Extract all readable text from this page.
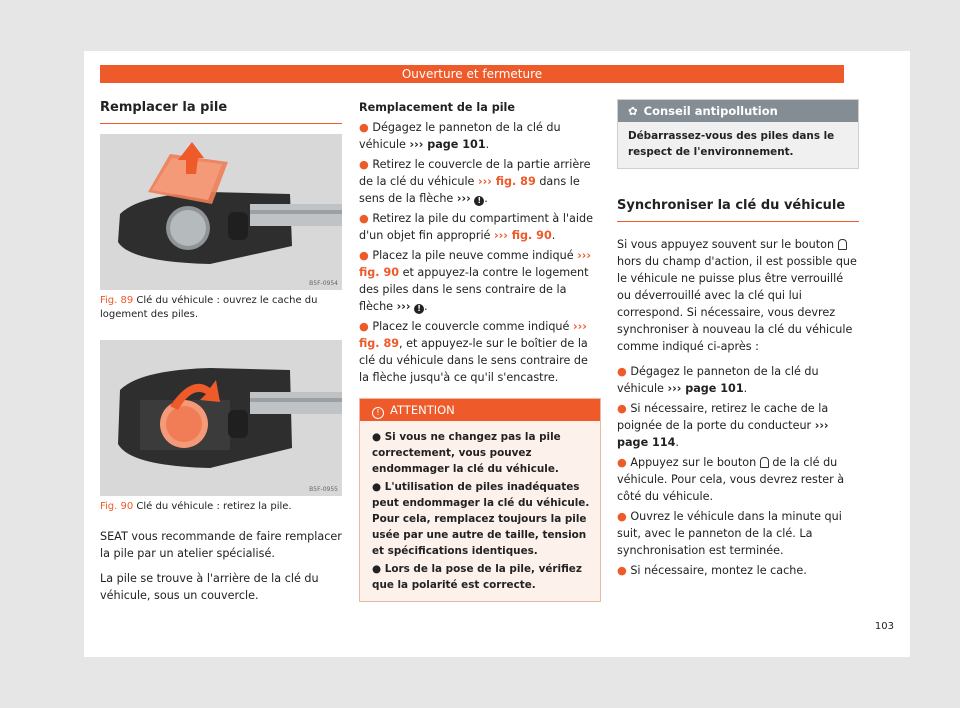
Ouverture et fermeture
Remplacer la pile
B5F-0954
Fig. 89 Clé du véhicule : ouvrez le cache du logement des piles.
B5F-0955
Fig. 90 Clé du véhicule : retirez la pile.

SEAT vous recommande de faire remplacer la pile par un atelier spécialisé.

La pile se trouve à l'arrière de la clé du véhicule, sous un couvercle.

Remplacement de la pile
● Dégagez le panneton de la clé du véhicule ››› page 101.
● Retirez le couvercle de la partie arrière de la clé du véhicule ››› fig. 89 dans le sens de la flèche ››› ! .
● Retirez la pile du compartiment à l'aide d'un objet fin approprié ››› fig. 90.
● Placez la pile neuve comme indiqué ››› fig. 90 et appuyez-la contre le logement des piles dans le sens contraire de la flèche ››› ! .
● Placez le couvercle comme indiqué ››› fig. 89, et appuyez-le sur le boîtier de la clé du véhicule dans le sens contraire de la flèche jusqu'à ce qu'il s'encastre.
! ATTENTION
● Si vous ne changez pas la pile correctement, vous pouvez endommager la clé du véhicule.
● L'utilisation de piles inadéquates peut endommager la clé du véhicule. Pour cela, remplacez toujours la pile usée par une autre de taille, tension et spécifications identiques.
● Lors de la pose de la pile, vérifiez que la polarité est correcte.
✿ Conseil antipollution
Débarrassez-vous des piles dans le respect de l'environnement.
Synchroniser la clé du véhicule

Si vous appuyez souvent sur le bouton  hors du champ d'action, il est possible que le véhicule ne puisse plus être verrouillé ou déverrouillé avec la clé qui lui correspond. Si nécessaire, vous devrez synchroniser à nouveau la clé du véhicule comme indiqué ci-après :

● Dégagez le panneton de la clé du véhicule ››› page 101.
● Si nécessaire, retirez le cache de la poignée de la porte du conducteur ››› page 114.
● Appuyez sur le bouton de la clé du véhicule. Pour cela, vous devrez rester à côté du véhicule.
● Ouvrez le véhicule dans la minute qui suit, avec le panneton de la clé. La synchronisation est terminée.
● Si nécessaire, montez le cache.
103
